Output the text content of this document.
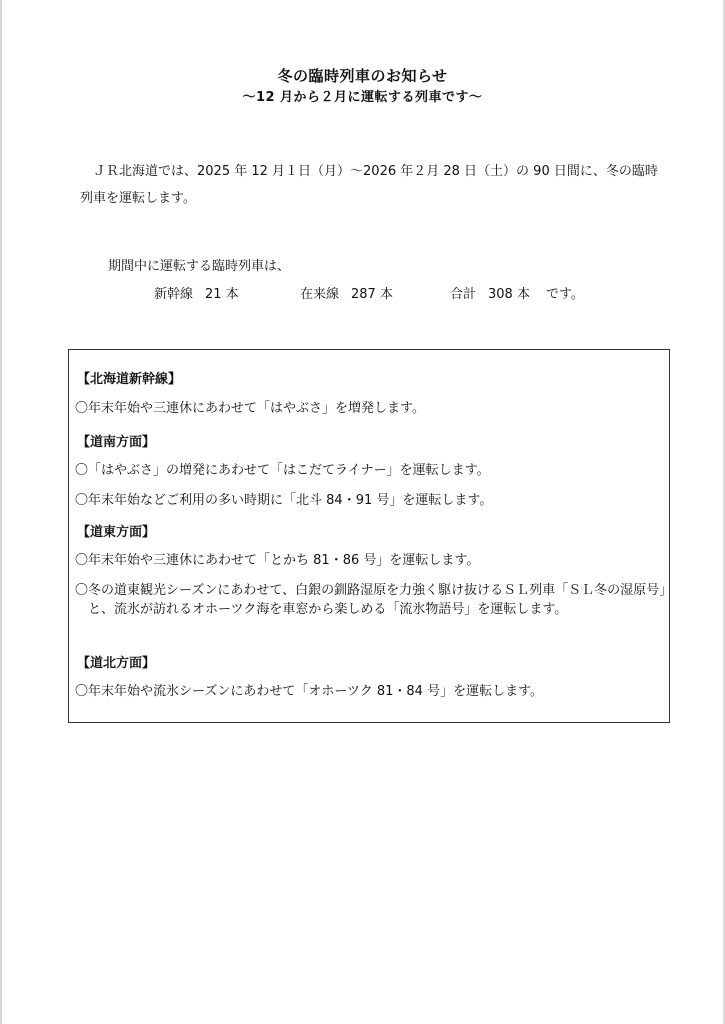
冬の臨時列車のお知らせ
～12 月から２月に運転する列車です～

ＪＲ北海道では、2025 年 12 月１日（月）～2026 年２月 28 日（土）の 90 日間に、冬の臨時列車を運転します。

期間中に運転する臨時列車は、
新幹線 21 本	在来線 287 本	合計 308 本 です。
【北海道新幹線】
〇年末年始や三連休にあわせて「はやぶさ」を増発します。
【道南方面】
〇「はやぶさ」の増発にあわせて「はこだてライナー」を運転します。
〇年末年始などご利用の多い時期に「北斗 84・91 号」を運転します。
【道東方面】
〇年末年始や三連休にあわせて「とかち 81・86 号」を運転します。
〇冬の道東観光シーズンにあわせて、白銀の釧路湿原を力強く駆け抜けるＳＬ列車「ＳＬ冬の湿原号」と、流氷が訪れるオホーツク海を車窓から楽しめる「流氷物語号」を運転します。
【道北方面】
〇年末年始や流氷シーズンにあわせて「オホーツク 81・84 号」を運転します。
